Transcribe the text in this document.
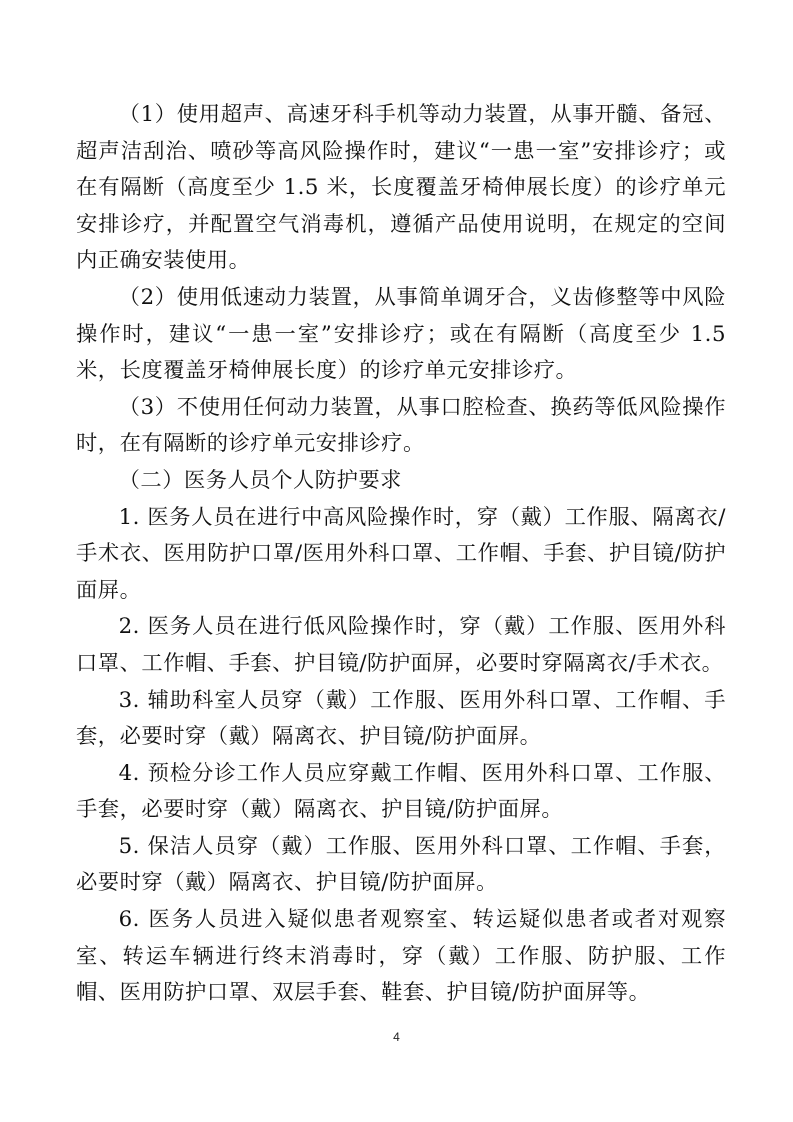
（1）使用超声、高速牙科手机等动力装置，从事开髓、备冠、超声洁刮治、喷砂等高风险操作时，建议“一患一室”安排诊疗；或在有隔断（高度至少 1.5 米，长度覆盖牙椅伸展长度）的诊疗单元安排诊疗，并配置空气消毒机，遵循产品使用说明，在规定的空间内正确安装使用。

（2）使用低速动力装置，从事简单调牙合，义齿修整等中风险操作时，建议“一患一室”安排诊疗；或在有隔断（高度至少 1.5 米，长度覆盖牙椅伸展长度）的诊疗单元安排诊疗。

（3）不使用任何动力装置，从事口腔检查、换药等低风险操作时，在有隔断的诊疗单元安排诊疗。

（二）医务人员个人防护要求

1. 医务人员在进行中高风险操作时，穿（戴）工作服、隔离衣/手术衣、医用防护口罩/医用外科口罩、工作帽、手套、护目镜/防护面屏。

2. 医务人员在进行低风险操作时，穿（戴）工作服、医用外科口罩、工作帽、手套、护目镜/防护面屏，必要时穿隔离衣/手术衣。

3. 辅助科室人员穿（戴）工作服、医用外科口罩、工作帽、手套，必要时穿（戴）隔离衣、护目镜/防护面屏。

4. 预检分诊工作人员应穿戴工作帽、医用外科口罩、工作服、手套，必要时穿（戴）隔离衣、护目镜/防护面屏。

5. 保洁人员穿（戴）工作服、医用外科口罩、工作帽、手套，必要时穿（戴）隔离衣、护目镜/防护面屏。

6. 医务人员进入疑似患者观察室、转运疑似患者或者对观察室、转运车辆进行终末消毒时，穿（戴）工作服、防护服、工作帽、医用防护口罩、双层手套、鞋套、护目镜/防护面屏等。

4
